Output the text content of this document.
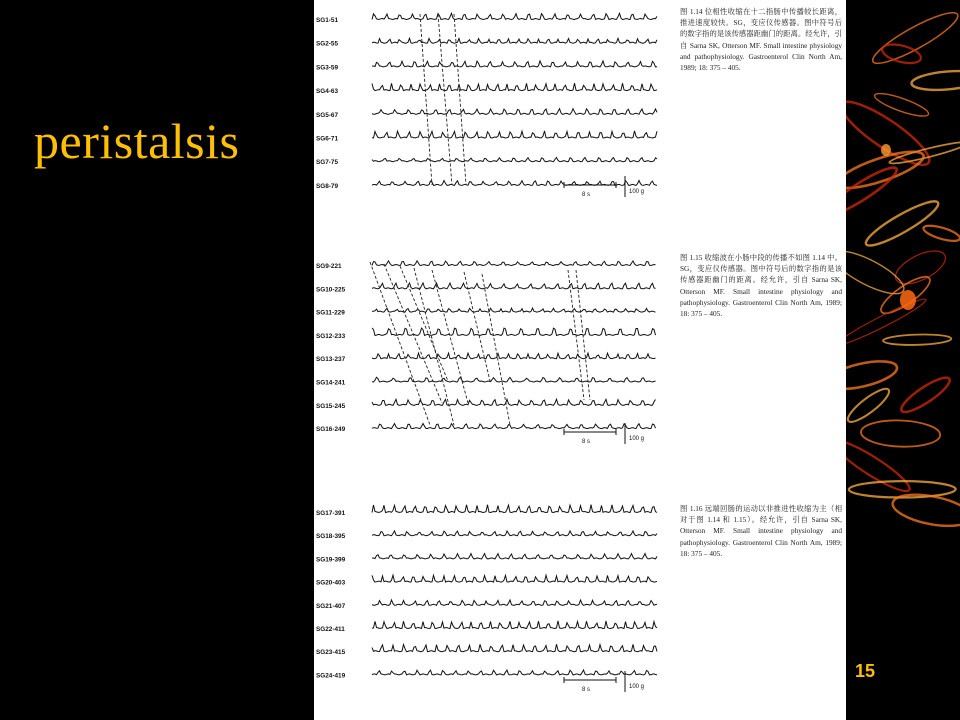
peristalsis
SG1-51
SG2-55
SG3-59
SG4-63
SG5-67
SG6-71
SG7-75
SG8-79
8 s	100 g
SG9-221
SG10-225
SG11-229
SG12-233
SG13-237
SG14-241
SG15-245
SG16-249
8 s	100 g
SG17-391
SG18-395
SG19-399
SG20-403
SG21-407
SG22-411
SG23-415
SG24-419
8 s	100 g
图 1.14 位相性收缩在十二指肠中传播较长距离，推进速度较快。SG，变应仪传感器。图中符号后的数字指的是该传感器距幽门的距离。经允许，引自 Sarna SK, Otterson MF. Small intestine physiology and pathophysiology. Gastroenterol Clin North Am, 1989; 18: 375 – 405.
图 1.15 收缩波在小肠中段的传播不如图 1.14 中。SG，变应仪传感器。图中符号后的数字指的是该传感器距幽门的距离。经允许，引自 Sarna SK, Otterson MF. Small intestine physiology and pathophysiology. Gastroenterol Clin North Am, 1989; 18: 375 – 405.
图 1.16 远端回肠的运动以非推进性收缩为主（相对于图 1.14 和 1.15）。经允许，引自 Sarna SK, Otterson MF. Small intestine physiology and pathophysiology. Gastroenterol Clin North Am, 1989; 18: 375 – 405.
15
